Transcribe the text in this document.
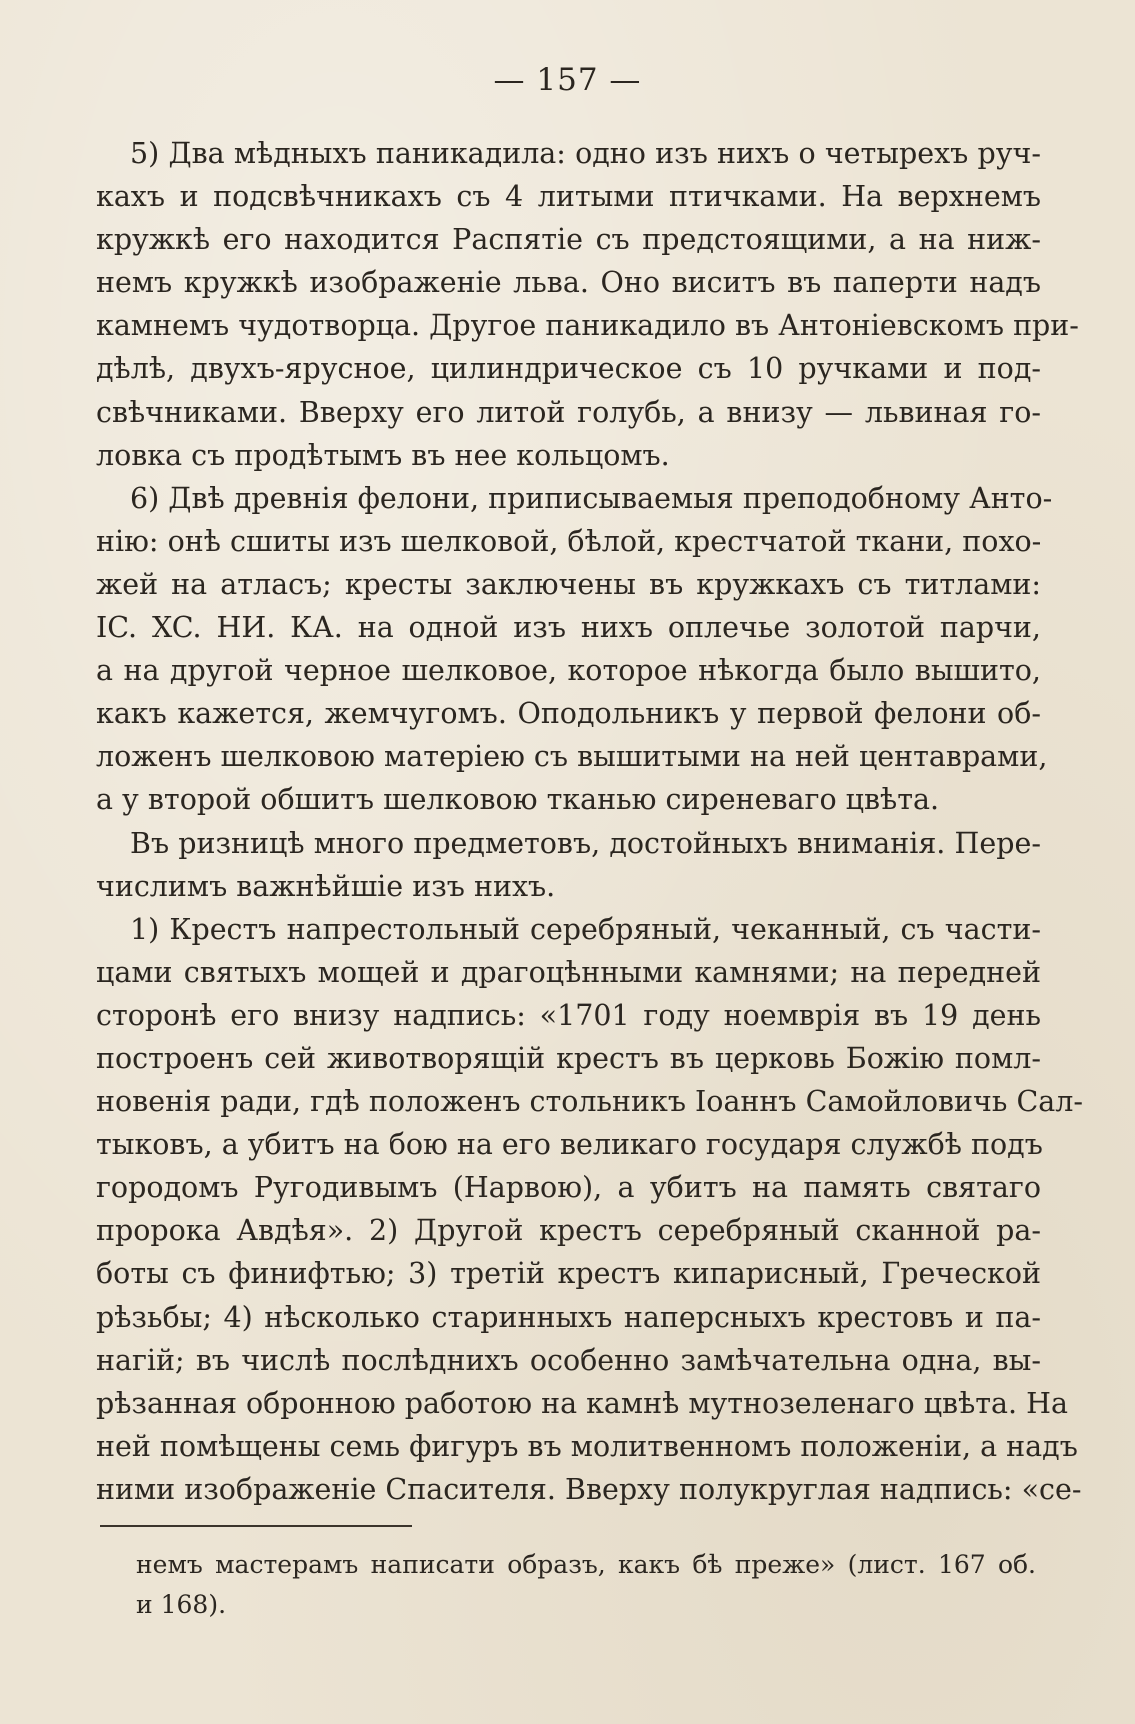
— 157 —
5) Два мѣдныхъ паникадила: одно изъ нихъ о четырехъ руч-
кахъ и подсвѣчникахъ съ 4 литыми птичками. На верхнемъ
кружкѣ его находится Распятіе съ предстоящими, а на ниж-
немъ кружкѣ изображеніе льва. Оно виситъ въ паперти надъ
камнемъ чудотворца. Другое паникадило въ Антоніевскомъ при-
дѣлѣ, двухъ-ярусное, цилиндрическое съ 10 ручками и под-
свѣчниками. Вверху его литой голубь, а внизу — львиная го-
ловка съ продѣтымъ въ нее кольцомъ.
6) Двѣ древнія фелони, приписываемыя преподобному Анто-
нію: онѣ сшиты изъ шелковой, бѣлой, крестчатой ткани, похо-
жей на атласъ; кресты заключены въ кружкахъ съ титлами:
IC. XC. НИ. КА. на одной изъ нихъ оплечье золотой парчи,
а на другой черное шелковое, которое нѣкогда было вышито,
какъ кажется, жемчугомъ. Оподольникъ у первой фелони об-
ложенъ шелковою матеріею съ вышитыми на ней центаврами,
а у второй обшитъ шелковою тканью сиреневаго цвѣта.
Въ ризницѣ много предметовъ, достойныхъ вниманія. Пере-
числимъ важнѣйшіе изъ нихъ.
1) Крестъ напрестольный серебряный, чеканный, съ части-
цами святыхъ мощей и драгоцѣнными камнями; на передней
сторонѣ его внизу надпись: «1701 году ноемврія въ 19 день
построенъ сей животворящій крестъ въ церковь Божію помл-
новенія ради, гдѣ положенъ стольникъ Іоаннъ Самойловичь Сал-
тыковъ, а убитъ на бою на его великаго государя службѣ подъ
городомъ Ругодивымъ (Нарвою), а убитъ на память святаго
пророка Авдѣя». 2) Другой крестъ серебряный сканной ра-
боты съ финифтью; 3) третій крестъ кипарисный, Греческой
рѣзьбы; 4) нѣсколько старинныхъ наперсныхъ крестовъ и па-
нагій; въ числѣ послѣднихъ особенно замѣчательна одна, вы-
рѣзанная обронною работою на камнѣ мутнозеленаго цвѣта. На
ней помѣщены семь фигуръ въ молитвенномъ положеніи, а надъ
ними изображеніе Спасителя. Вверху полукруглая надпись: «се-
немъ мастерамъ написати образъ, какъ бѣ преже» (лист. 167 об.
и 168).
